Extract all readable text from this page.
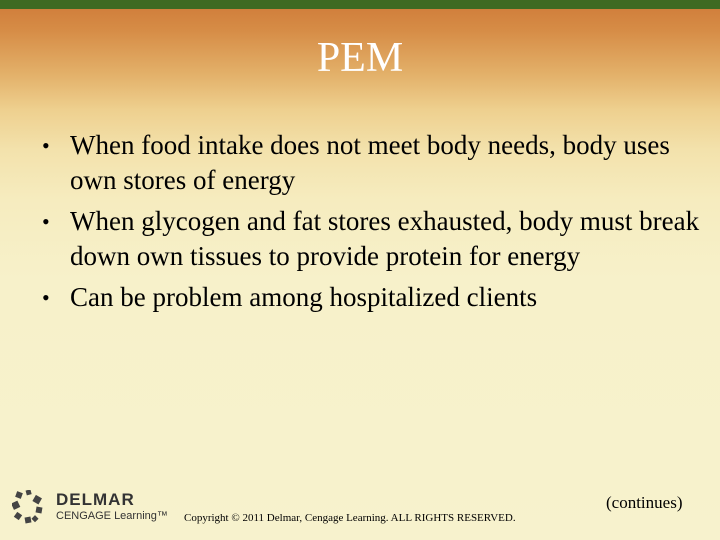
PEM
• When food intake does not meet body needs, body uses own stores of energy
• When glycogen and fat stores exhausted, body must break down own tissues to provide protein for energy
• Can be problem among hospitalized clients
DELMAR
CENGAGE Learning™ Copyright © 2011 Delmar, Cengage Learning. ALL RIGHTS RESERVED.
(continues)
